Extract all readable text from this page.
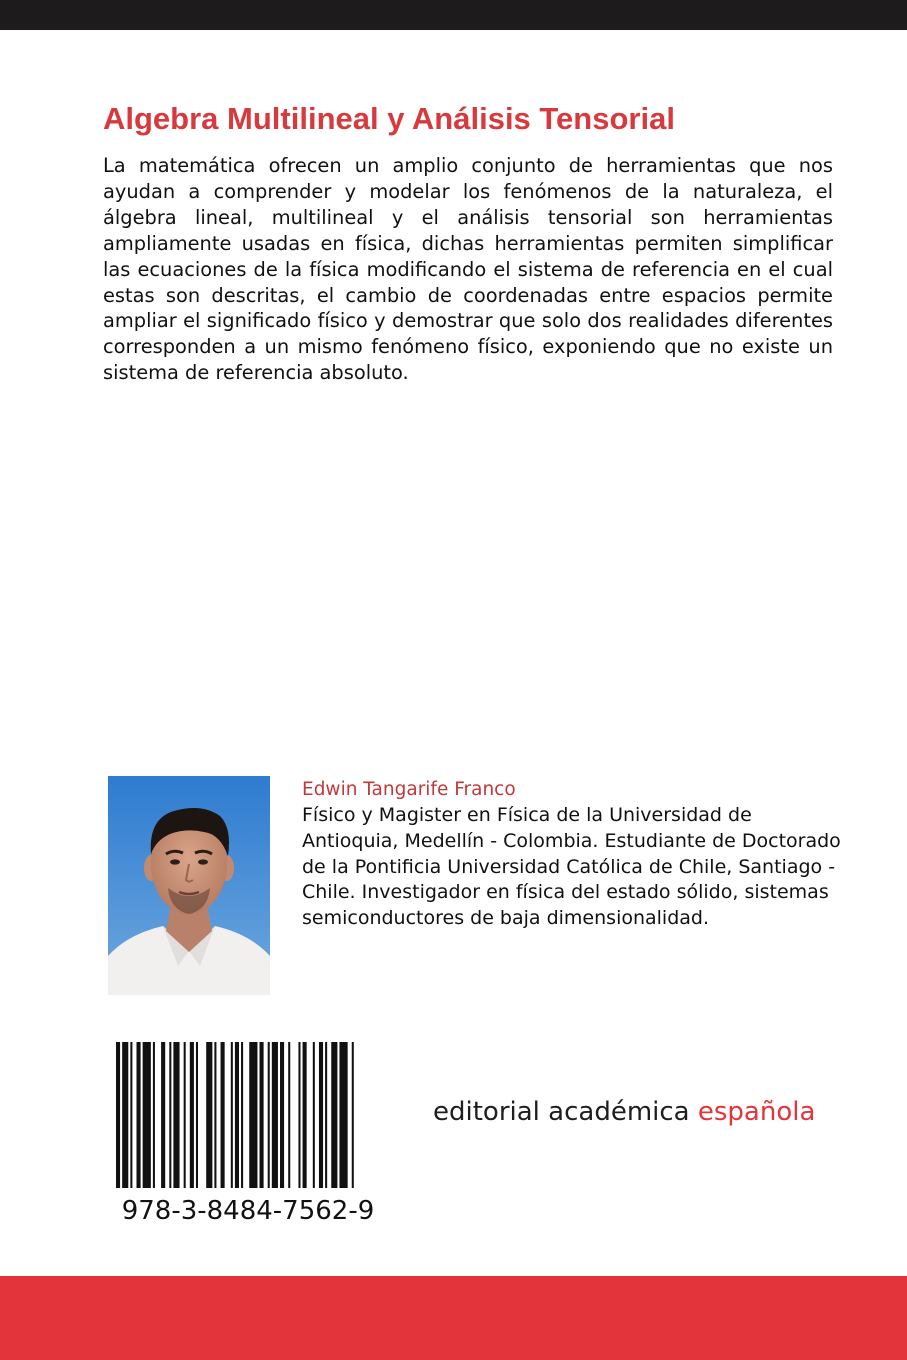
Algebra Multilineal y Análisis Tensorial

La matemática ofrecen un amplio conjunto de herramientas que nos ayudan a comprender y modelar los fenómenos de la naturaleza, el álgebra lineal, multilineal y el análisis tensorial son herramientas ampliamente usadas en física, dichas herramientas permiten simplificar las ecuaciones de la física modificando el sistema de referencia en el cual estas son descritas, el cambio de coordenadas entre espacios permite ampliar el significado físico y demostrar que solo dos realidades diferentes corresponden a un mismo fenómeno físico, exponiendo que no existe un sistema de referencia absoluto.

Edwin Tangarife Franco

Físico y Magister en Física de la Universidad de Antioquia, Medellín - Colombia. Estudiante de Doctorado de la Pontificia Universidad Católica de Chile, Santiago - Chile. Investigador en física del estado sólido, sistemas semiconductores de baja dimensionalidad.

978-3-8484-7562-9
editorial académica española
